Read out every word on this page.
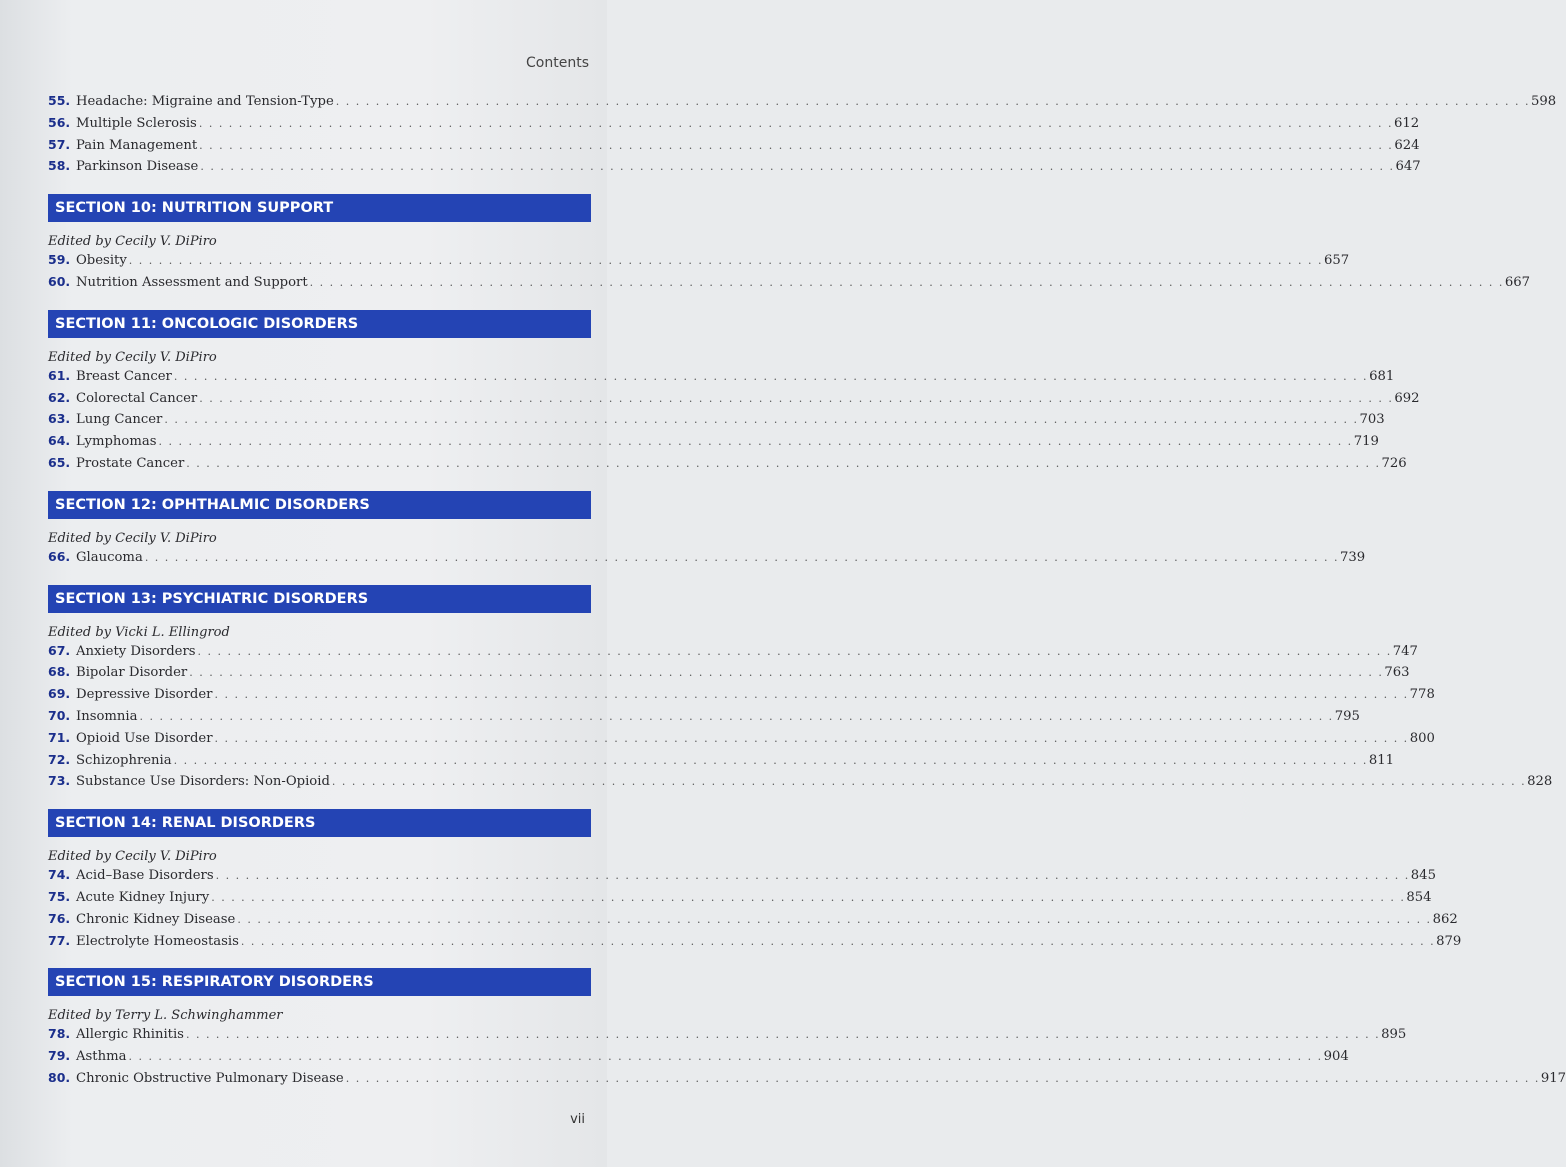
Contents
55. Headache: Migraine and Tension-Type . . . . . . . . . . . . . . . . . . . . . . . . . . . . . . . . . . . . . . . . . . . . . . . . . . . . . . . . . . . . . . . . . . . . . . . . . . . . . . . . . . . . . . . . . . . . . . . . . . . . . . . . . . . . . . . . . . . . . . . . 598
56. Multiple Sclerosis . . . . . . . . . . . . . . . . . . . . . . . . . . . . . . . . . . . . . . . . . . . . . . . . . . . . . . . . . . . . . . . . . . . . . . . . . . . . . . . . . . . . . . . . . . . . . . . . . . . . . . . . . . . . . . . . . . . . . . . . 612
57. Pain Management . . . . . . . . . . . . . . . . . . . . . . . . . . . . . . . . . . . . . . . . . . . . . . . . . . . . . . . . . . . . . . . . . . . . . . . . . . . . . . . . . . . . . . . . . . . . . . . . . . . . . . . . . . . . . . . . . . . . . . . . 624
58. Parkinson Disease . . . . . . . . . . . . . . . . . . . . . . . . . . . . . . . . . . . . . . . . . . . . . . . . . . . . . . . . . . . . . . . . . . . . . . . . . . . . . . . . . . . . . . . . . . . . . . . . . . . . . . . . . . . . . . . . . . . . . . . . 647
SECTION 10: NUTRITION SUPPORT
Edited by Cecily V. DiPiro
59. Obesity . . . . . . . . . . . . . . . . . . . . . . . . . . . . . . . . . . . . . . . . . . . . . . . . . . . . . . . . . . . . . . . . . . . . . . . . . . . . . . . . . . . . . . . . . . . . . . . . . . . . . . . . . . . . . . . . . . . . . . . . 657
60. Nutrition Assessment and Support . . . . . . . . . . . . . . . . . . . . . . . . . . . . . . . . . . . . . . . . . . . . . . . . . . . . . . . . . . . . . . . . . . . . . . . . . . . . . . . . . . . . . . . . . . . . . . . . . . . . . . . . . . . . . . . . . . . . . . . . 667
SECTION 11: ONCOLOGIC DISORDERS
Edited by Cecily V. DiPiro
61. Breast Cancer . . . . . . . . . . . . . . . . . . . . . . . . . . . . . . . . . . . . . . . . . . . . . . . . . . . . . . . . . . . . . . . . . . . . . . . . . . . . . . . . . . . . . . . . . . . . . . . . . . . . . . . . . . . . . . . . . . . . . . . . 681
62. Colorectal Cancer . . . . . . . . . . . . . . . . . . . . . . . . . . . . . . . . . . . . . . . . . . . . . . . . . . . . . . . . . . . . . . . . . . . . . . . . . . . . . . . . . . . . . . . . . . . . . . . . . . . . . . . . . . . . . . . . . . . . . . . . 692
63. Lung Cancer . . . . . . . . . . . . . . . . . . . . . . . . . . . . . . . . . . . . . . . . . . . . . . . . . . . . . . . . . . . . . . . . . . . . . . . . . . . . . . . . . . . . . . . . . . . . . . . . . . . . . . . . . . . . . . . . . . . . . . . . 703
64. Lymphomas . . . . . . . . . . . . . . . . . . . . . . . . . . . . . . . . . . . . . . . . . . . . . . . . . . . . . . . . . . . . . . . . . . . . . . . . . . . . . . . . . . . . . . . . . . . . . . . . . . . . . . . . . . . . . . . . . . . . . . . . 719
65. Prostate Cancer . . . . . . . . . . . . . . . . . . . . . . . . . . . . . . . . . . . . . . . . . . . . . . . . . . . . . . . . . . . . . . . . . . . . . . . . . . . . . . . . . . . . . . . . . . . . . . . . . . . . . . . . . . . . . . . . . . . . . . . . 726
SECTION 12: OPHTHALMIC DISORDERS
Edited by Cecily V. DiPiro
66. Glaucoma . . . . . . . . . . . . . . . . . . . . . . . . . . . . . . . . . . . . . . . . . . . . . . . . . . . . . . . . . . . . . . . . . . . . . . . . . . . . . . . . . . . . . . . . . . . . . . . . . . . . . . . . . . . . . . . . . . . . . . . . 739
SECTION 13: PSYCHIATRIC DISORDERS
Edited by Vicki L. Ellingrod
67. Anxiety Disorders . . . . . . . . . . . . . . . . . . . . . . . . . . . . . . . . . . . . . . . . . . . . . . . . . . . . . . . . . . . . . . . . . . . . . . . . . . . . . . . . . . . . . . . . . . . . . . . . . . . . . . . . . . . . . . . . . . . . . . . . 747
68. Bipolar Disorder . . . . . . . . . . . . . . . . . . . . . . . . . . . . . . . . . . . . . . . . . . . . . . . . . . . . . . . . . . . . . . . . . . . . . . . . . . . . . . . . . . . . . . . . . . . . . . . . . . . . . . . . . . . . . . . . . . . . . . . . 763
69. Depressive Disorder . . . . . . . . . . . . . . . . . . . . . . . . . . . . . . . . . . . . . . . . . . . . . . . . . . . . . . . . . . . . . . . . . . . . . . . . . . . . . . . . . . . . . . . . . . . . . . . . . . . . . . . . . . . . . . . . . . . . . . . . 778
70. Insomnia . . . . . . . . . . . . . . . . . . . . . . . . . . . . . . . . . . . . . . . . . . . . . . . . . . . . . . . . . . . . . . . . . . . . . . . . . . . . . . . . . . . . . . . . . . . . . . . . . . . . . . . . . . . . . . . . . . . . . . . . 795
71. Opioid Use Disorder . . . . . . . . . . . . . . . . . . . . . . . . . . . . . . . . . . . . . . . . . . . . . . . . . . . . . . . . . . . . . . . . . . . . . . . . . . . . . . . . . . . . . . . . . . . . . . . . . . . . . . . . . . . . . . . . . . . . . . . . 800
72. Schizophrenia . . . . . . . . . . . . . . . . . . . . . . . . . . . . . . . . . . . . . . . . . . . . . . . . . . . . . . . . . . . . . . . . . . . . . . . . . . . . . . . . . . . . . . . . . . . . . . . . . . . . . . . . . . . . . . . . . . . . . . . . 811
73. Substance Use Disorders: Non-Opioid . . . . . . . . . . . . . . . . . . . . . . . . . . . . . . . . . . . . . . . . . . . . . . . . . . . . . . . . . . . . . . . . . . . . . . . . . . . . . . . . . . . . . . . . . . . . . . . . . . . . . . . . . . . . . . . . . . . . . . . . 828
SECTION 14: RENAL DISORDERS
Edited by Cecily V. DiPiro
74. Acid–Base Disorders . . . . . . . . . . . . . . . . . . . . . . . . . . . . . . . . . . . . . . . . . . . . . . . . . . . . . . . . . . . . . . . . . . . . . . . . . . . . . . . . . . . . . . . . . . . . . . . . . . . . . . . . . . . . . . . . . . . . . . . . 845
75. Acute Kidney Injury . . . . . . . . . . . . . . . . . . . . . . . . . . . . . . . . . . . . . . . . . . . . . . . . . . . . . . . . . . . . . . . . . . . . . . . . . . . . . . . . . . . . . . . . . . . . . . . . . . . . . . . . . . . . . . . . . . . . . . . . 854
76. Chronic Kidney Disease . . . . . . . . . . . . . . . . . . . . . . . . . . . . . . . . . . . . . . . . . . . . . . . . . . . . . . . . . . . . . . . . . . . . . . . . . . . . . . . . . . . . . . . . . . . . . . . . . . . . . . . . . . . . . . . . . . . . . . . . 862
77. Electrolyte Homeostasis . . . . . . . . . . . . . . . . . . . . . . . . . . . . . . . . . . . . . . . . . . . . . . . . . . . . . . . . . . . . . . . . . . . . . . . . . . . . . . . . . . . . . . . . . . . . . . . . . . . . . . . . . . . . . . . . . . . . . . . . 879
SECTION 15: RESPIRATORY DISORDERS
Edited by Terry L. Schwinghammer
78. Allergic Rhinitis . . . . . . . . . . . . . . . . . . . . . . . . . . . . . . . . . . . . . . . . . . . . . . . . . . . . . . . . . . . . . . . . . . . . . . . . . . . . . . . . . . . . . . . . . . . . . . . . . . . . . . . . . . . . . . . . . . . . . . . . 895
79. Asthma . . . . . . . . . . . . . . . . . . . . . . . . . . . . . . . . . . . . . . . . . . . . . . . . . . . . . . . . . . . . . . . . . . . . . . . . . . . . . . . . . . . . . . . . . . . . . . . . . . . . . . . . . . . . . . . . . . . . . . . . 904
80. Chronic Obstructive Pulmonary Disease . . . . . . . . . . . . . . . . . . . . . . . . . . . . . . . . . . . . . . . . . . . . . . . . . . . . . . . . . . . . . . . . . . . . . . . . . . . . . . . . . . . . . . . . . . . . . . . . . . . . . . . . . . . . . . . . . . . . . . . . 917
vii
